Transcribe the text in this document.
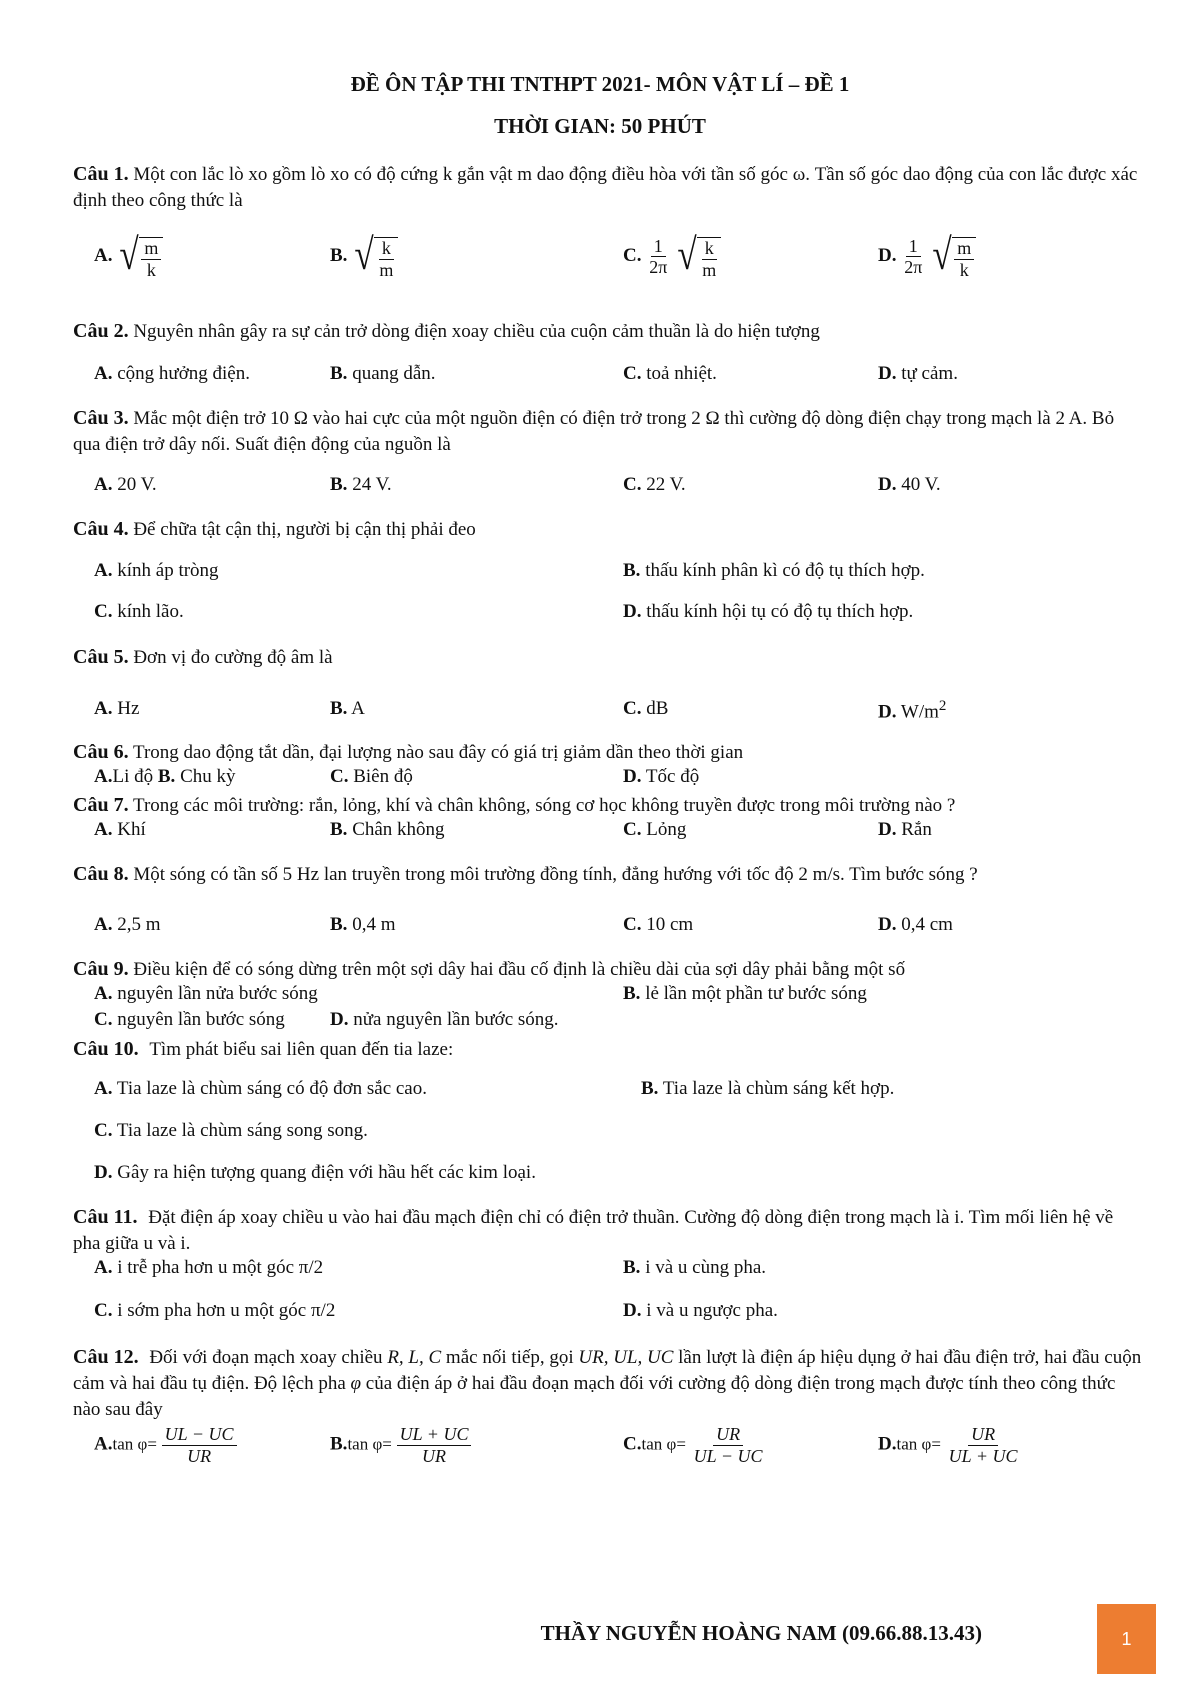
ĐỀ ÔN TẬP THI TNTHPT 2021- MÔN VẬT LÍ – ĐỀ 1
THỜI GIAN: 50 PHÚT
Câu 1. Một con lắc lò xo gồm lò xo có độ cứng k gắn vật m dao động điều hòa với tần số góc ω. Tần số góc dao động của con lắc được xác định theo công thức là
A. √ $\frac{m}{k}$	B. √ $\frac{k}{m}$	C. $\frac{1}{2\pi}$
√ $\frac{k}{m}$	D. $\frac{1}{2\pi}$
√ $\frac{m}{k}$
Câu 2. Nguyên nhân gây ra sự cản trở dòng điện xoay chiều của cuộn cảm thuần là do hiện tượng
A. cộng hưởng điện.	B. quang dẫn.	C. toả nhiệt.	D. tự cảm.
Câu 3. Mắc một điện trở 10 Ω vào hai cực của một nguồn điện có điện trở trong 2 Ω thì cường độ dòng điện chạy trong mạch là 2 A. Bỏ qua điện trở dây nối. Suất điện động của nguồn là
A. 20 V.	B. 24 V.	C. 22 V.	D. 40 V.
Câu 4. Để chữa tật cận thị, người bị cận thị phải đeo
A. kính áp tròng	B. thấu kính phân kì có độ tụ thích hợp.
C. kính lão.	D. thấu kính hội tụ có độ tụ thích hợp.
Câu 5. Đơn vị đo cường độ âm là
A. Hz	B. A	C. dB	D. $W/m^2$
Câu 6. Trong dao động tắt dần, đại lượng nào sau đây có giá trị giảm dần theo thời gian
A.Li độ B. Chu kỳ	C. Biên độ	D. Tốc độ
Câu 7. Trong các môi trường: rắn, lỏng, khí và chân không, sóng cơ học không truyền được trong môi trường nào ?
A. Khí	B. Chân không	C. Lỏng	D. Rắn
Câu 8. Một sóng có tần số 5 Hz lan truyền trong môi trường đồng tính, đẳng hướng với tốc độ 2 m/s. Tìm bước sóng ?
A. 2,5 m	B. 0,4 m	C. 10 cm	D. 0,4 cm
Câu 9. Điều kiện để có sóng dừng trên một sợi dây hai đầu cố định là chiều dài của sợi dây phải bằng một số
A. nguyên lần nửa bước sóng	B. lẻ lần một phần tư bước sóng
C. nguyên lần bước sóng D. nửa nguyên lần bước sóng.
Câu 10. Tìm phát biểu sai liên quan đến tia laze:
A. Tia laze là chùm sáng có độ đơn sắc cao.	B. Tia laze là chùm sáng kết hợp.
C. Tia laze là chùm sáng song song.
D. Gây ra hiện tượng quang điện với hầu hết các kim loại.
Câu 11. Đặt điện áp xoay chiều u vào hai đầu mạch điện chỉ có điện trở thuần. Cường độ dòng điện trong mạch là i. Tìm mối liên hệ về pha giữa u và i.
A. i trễ pha hơn u một góc π/2	B. i và u cùng pha.
C. i sớm pha hơn u một góc π/2	D. i và u ngược pha.
Câu 12. Đối với đoạn mạch xoay chiều R, L, C mắc nối tiếp, gọi UR, UL, UC lần lượt là điện áp hiệu dụng ở hai đầu điện trở, hai đầu cuộn cảm và hai đầu tụ điện. Độ lệch pha φ của điện áp ở hai đầu đoạn mạch đối với cường độ dòng điện trong mạch được tính theo công thức nào sau đây
A.tan $\varphi= \frac{UL - UC}{UR}$	B.tan $\varphi= \frac{UL + UC}{UR}$	C.tan $\varphi= \frac{UR}{UL - UC}$	D.tan $\varphi= \frac{UR}{UL + UC}$
THẦY NGUYỄN HOÀNG NAM (09.66.88.13.43)	1
